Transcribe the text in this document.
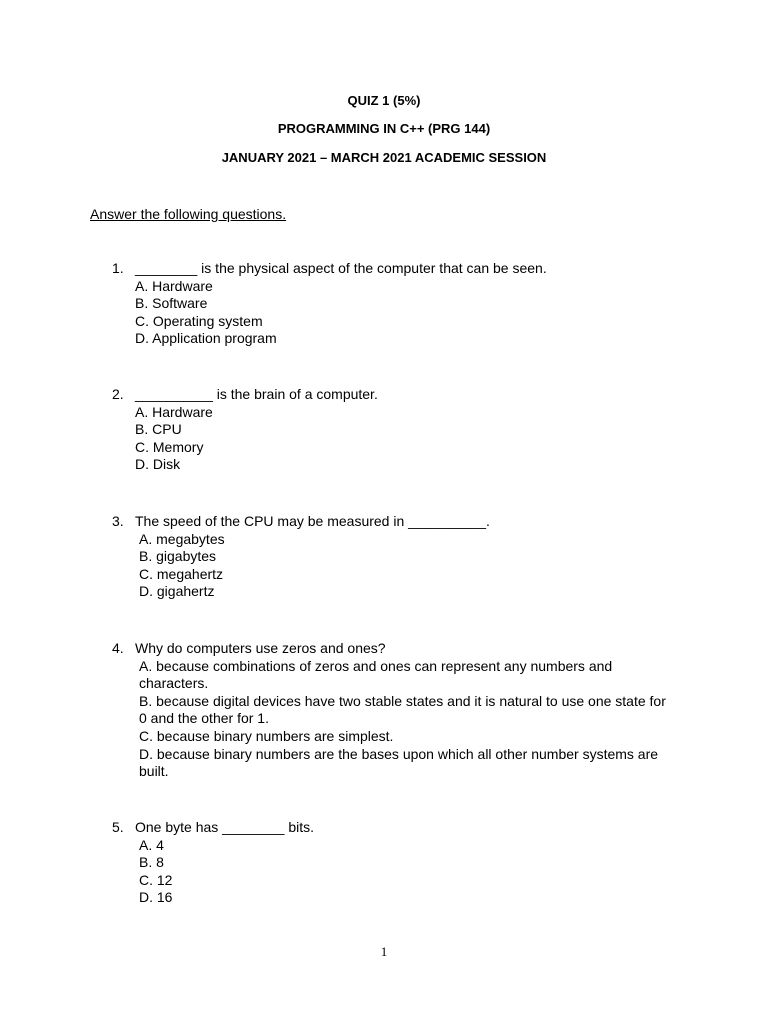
QUIZ 1 (5%)
PROGRAMMING IN C++ (PRG 144)
JANUARY 2021 – MARCH 2021 ACADEMIC SESSION
Answer the following questions.
1. ________ is the physical aspect of the computer that can be seen.
A. Hardware
B. Software
C. Operating system
D. Application program
2. __________ is the brain of a computer.
A. Hardware
B. CPU
C. Memory
D. Disk
3. The speed of the CPU may be measured in __________.
A. megabytes
B. gigabytes
C. megahertz
D. gigahertz
4. Why do computers use zeros and ones?
A. because combinations of zeros and ones can represent any numbers and characters.
B. because digital devices have two stable states and it is natural to use one state for 0 and the other for 1.
C. because binary numbers are simplest.
D. because binary numbers are the bases upon which all other number systems are built.
5. One byte has ________ bits.
A. 4
B. 8
C. 12
D. 16
1
